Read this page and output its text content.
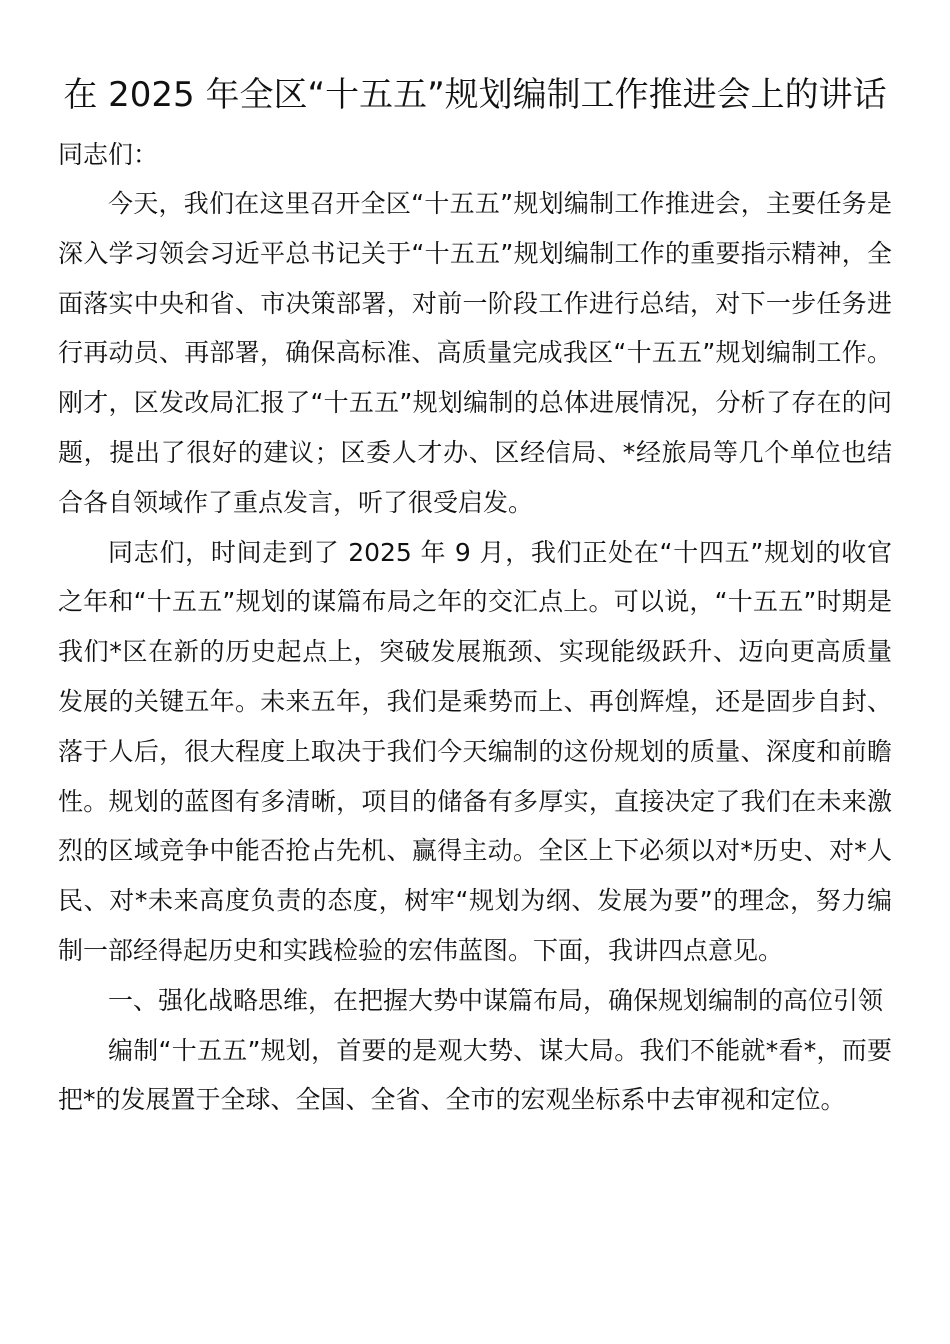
在 2025 年全区“十五五”规划编制工作推进会上的讲话

同志们：

今天，我们在这里召开全区“十五五”规划编制工作推进会，主要任务是深入学习领会习近平总书记关于“十五五”规划编制工作的重要指示精神，全面落实中央和省、市决策部署，对前一阶段工作进行总结，对下一步任务进行再动员、再部署，确保高标准、高质量完成我区“十五五”规划编制工作。刚才，区发改局汇报了“十五五”规划编制的总体进展情况，分析了存在的问题，提出了很好的建议；区委人才办、区经信局、*经旅局等几个单位也结合各自领域作了重点发言，听了很受启发。

同志们，时间走到了 2025 年 9 月，我们正处在“十四五”规划的收官之年和“十五五”规划的谋篇布局之年的交汇点上。可以说，“十五五”时期是我们*区在新的历史起点上，突破发展瓶颈、实现能级跃升、迈向更高质量发展的关键五年。未来五年，我们是乘势而上、再创辉煌，还是固步自封、落于人后，很大程度上取决于我们今天编制的这份规划的质量、深度和前瞻性。规划的蓝图有多清晰，项目的储备有多厚实，直接决定了我们在未来激烈的区域竞争中能否抢占先机、赢得主动。全区上下必须以对*历史、对*人民、对*未来高度负责的态度，树牢“规划为纲、发展为要”的理念，努力编制一部经得起历史和实践检验的宏伟蓝图。下面，我讲四点意见。

一、强化战略思维，在把握大势中谋篇布局，确保规划编制的高位引领

编制“十五五”规划，首要的是观大势、谋大局。我们不能就*看*，而要把*的发展置于全球、全国、全省、全市的宏观坐标系中去审视和定位。
